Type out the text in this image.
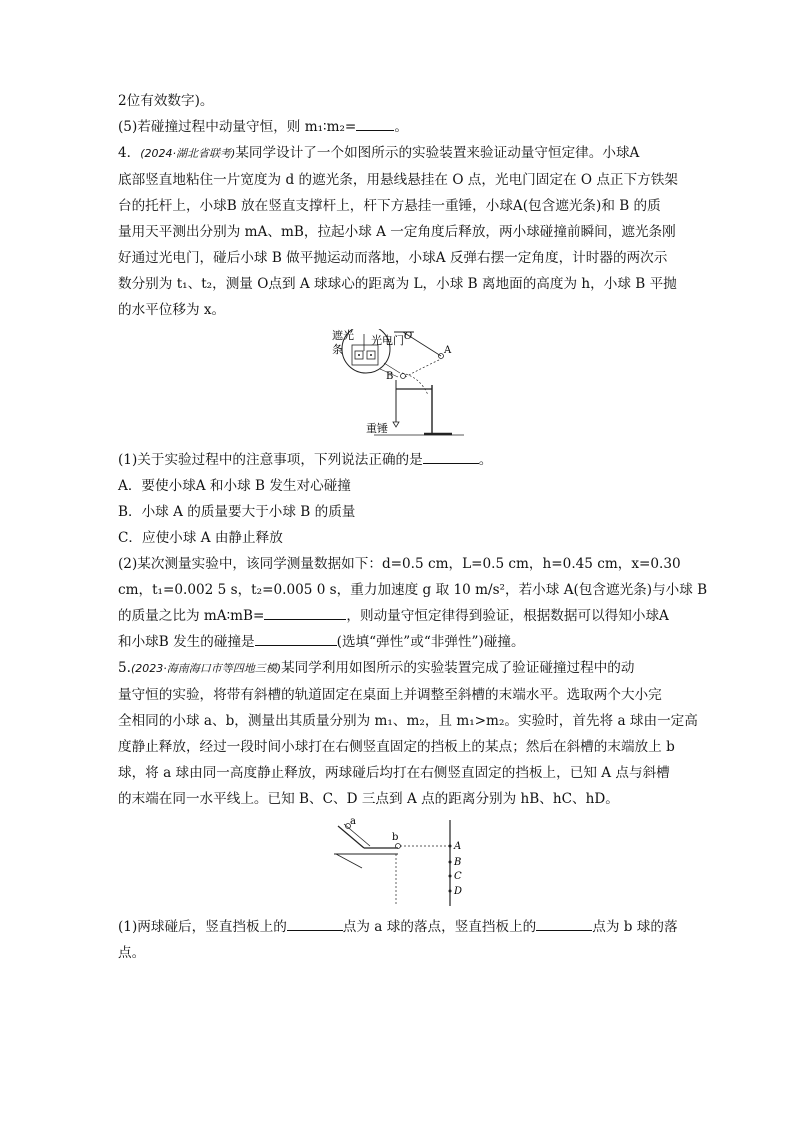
2位有效数字)。

(5)若碰撞过程中动量守恒，则 m₁∶m₂=	。

4．(2024·湖北省联考)某同学设计了一个如图所示的实验装置来验证动量守恒定律。小球A

底部竖直地粘住一片宽度为 d 的遮光条，用悬线悬挂在 O 点，光电门固定在 O 点正下方铁架

台的托杆上，小球B 放在竖直支撑杆上，杆下方悬挂一重锤，小球A(包含遮光条)和 B 的质

量用天平测出分别为 mA、mB，拉起小球 A 一定角度后释放，两小球碰撞前瞬间，遮光条刚

好通过光电门，碰后小球 B 做平抛运动而落地，小球A 反弹右摆一定角度，计时器的两次示

数分别为 t₁、t₂，测量 O点到 A 球球心的距离为 L，小球 B 离地面的高度为 h，小球 B 平抛

的水平位移为 x。

遮光
条
光电门 O
A
B
重锤

(1)关于实验过程中的注意事项，下列说法正确的是	。

A．要使小球A 和小球 B 发生对心碰撞

B．小球 A 的质量要大于小球 B 的质量

C．应使小球 A 由静止释放

(2)某次测量实验中，该同学测量数据如下：d=0.5 cm，L=0.5 cm，h=0.45 cm，x=0.30

cm，t₁=0.002 5 s，t₂=0.005 0 s，重力加速度 g 取 10 m/s²，若小球 A(包含遮光条)与小球 B

的质量之比为 mA∶mB=	，则动量守恒定律得到验证，根据数据可以得知小球A

和小球B 发生的碰撞是	(选填“弹性”或“非弹性”)碰撞。

5.(2023·海南海口市等四地三模)某同学利用如图所示的实验装置完成了验证碰撞过程中的动

量守恒的实验，将带有斜槽的轨道固定在桌面上并调整至斜槽的末端水平。选取两个大小完

全相同的小球 a、b，测量出其质量分别为 m₁、m₂，且 m₁>m₂。实验时，首先将 a 球由一定高

度静止释放，经过一段时间小球打在右侧竖直固定的挡板上的某点；然后在斜槽的末端放上 b

球，将 a 球由同一高度静止释放，两球碰后均打在右侧竖直固定的挡板上，已知 A 点与斜槽

的末端在同一水平线上。已知 B、C、D 三点到 A 点的距离分别为 hB、hC、hD。

a
b
A
B
C
D

(1)两球碰后，竖直挡板上的	点为 a 球的落点，竖直挡板上的	点为 b 球的落

点。
